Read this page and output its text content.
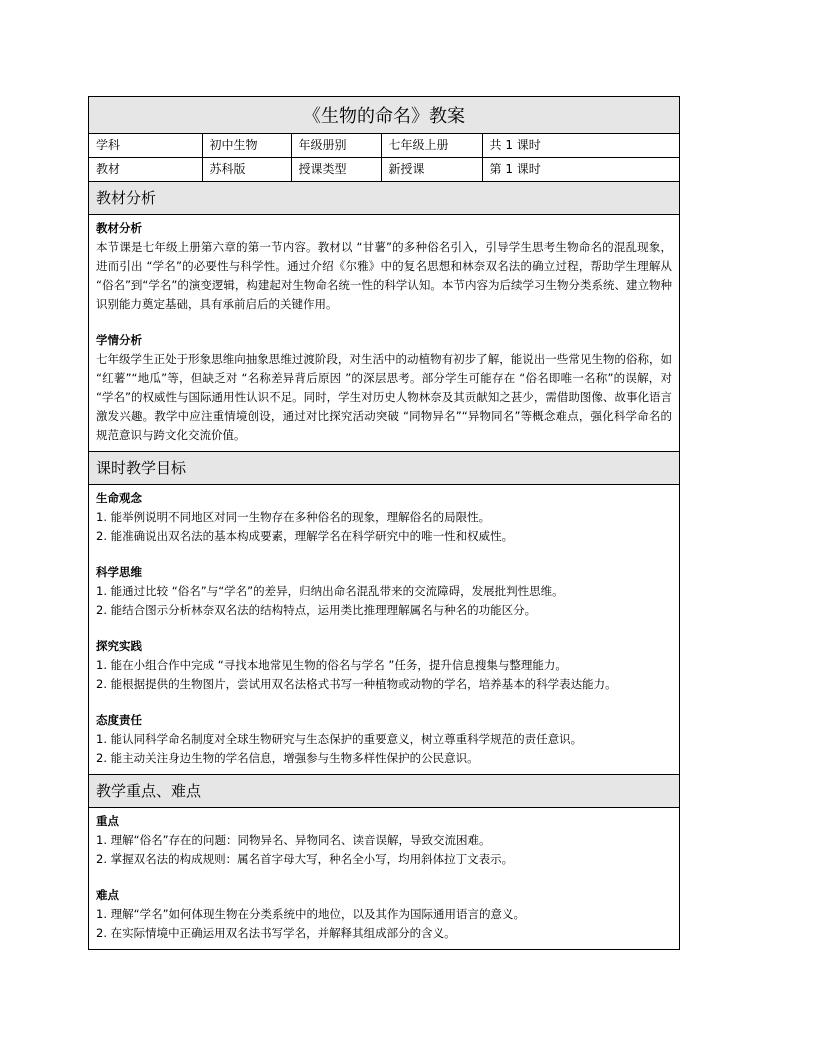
《生物的命名》教案
学科	初中生物	年级册别	七年级上册	共 1 课时
教材	苏科版	授课类型	新授课	第 1 课时
教材分析
教材分析
本节课是七年级上册第六章的第一节内容。教材以 “甘薯”的多种俗名引入，引导学生思考生物命名的混乱现象，进而引出 “学名”的必要性与科学性。通过介绍《尔雅》中的复名思想和林奈双名法的确立过程，帮助学生理解从 “俗名”到“学名”的演变逻辑，构建起对生物命名统一性的科学认知。本节内容为后续学习生物分类系统、建立物种识别能力奠定基础，具有承前启后的关键作用。
学情分析
七年级学生正处于形象思维向抽象思维过渡阶段，对生活中的动植物有初步了解，能说出一些常见生物的俗称，如 “红薯”“地瓜”等，但缺乏对 “名称差异背后原因 ”的深层思考。部分学生可能存在 “俗名即唯一名称”的误解，对 “学名”的权威性与国际通用性认识不足。同时，学生对历史人物林奈及其贡献知之甚少，需借助图像、故事化语言激发兴趣。教学中应注重情境创设，通过对比探究活动突破 “同物异名”“异物同名”等概念难点，强化科学命名的规范意识与跨文化交流价值。
课时教学目标
生命观念
1. 能举例说明不同地区对同一生物存在多种俗名的现象，理解俗名的局限性。
2. 能准确说出双名法的基本构成要素，理解学名在科学研究中的唯一性和权威性。
科学思维
1. 能通过比较 “俗名”与“学名”的差异，归纳出命名混乱带来的交流障碍，发展批判性思维。
2. 能结合图示分析林奈双名法的结构特点，运用类比推理理解属名与种名的功能区分。
探究实践
1. 能在小组合作中完成 “寻找本地常见生物的俗名与学名 ”任务，提升信息搜集与整理能力。
2. 能根据提供的生物图片，尝试用双名法格式书写一种植物或动物的学名，培养基本的科学表达能力。
态度责任
1. 能认同科学命名制度对全球生物研究与生态保护的重要意义，树立尊重科学规范的责任意识。
2. 能主动关注身边生物的学名信息，增强参与生物多样性保护的公民意识。
教学重点、难点
重点
1. 理解“俗名”存在的问题：同物异名、异物同名、读音误解，导致交流困难。
2. 掌握双名法的构成规则：属名首字母大写，种名全小写，均用斜体拉丁文表示。
难点
1. 理解“学名”如何体现生物在分类系统中的地位，以及其作为国际通用语言的意义。
2. 在实际情境中正确运用双名法书写学名，并解释其组成部分的含义。
